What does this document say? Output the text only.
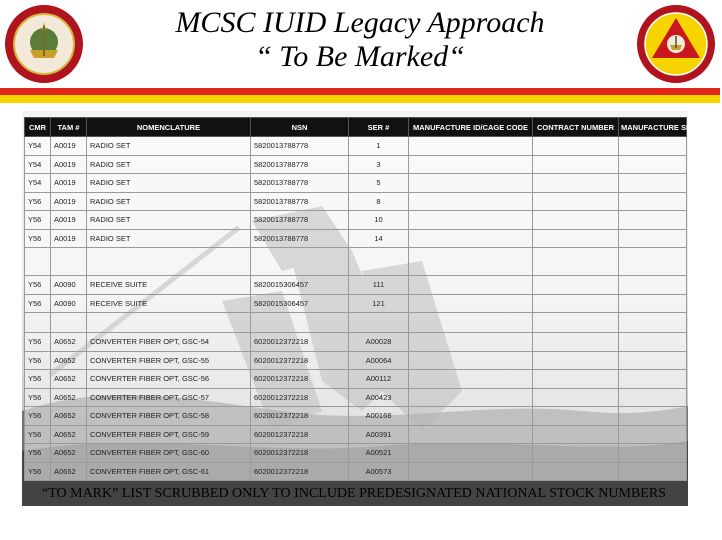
MCSC IUID Legacy Approach
“ To Be Marked“
CMR	TAM #	NOMENCLATURE	NSN	SER #	MANUFACTURE ID/CAGE CODE	CONTRACT NUMBER	MANUFACTURE SER #
Y54	A0019	RADIO SET	5820013788778	1			
Y54	A0019	RADIO SET	5820013788778	3			
Y54	A0019	RADIO SET	5820013788778	5			
Y56	A0019	RADIO SET	5820013788778	8			
Y56	A0019	RADIO SET	5820013788778	10			
Y56	A0019	RADIO SET	5820013788778	14			

Y56	A0090	RECEIVE SUITE	5820015306457	111			
Y56	A0090	RECEIVE SUITE	5820015306457	121			

Y56	A0652	CONVERTER FIBER OPT, GSC-54	6020012372218	A00028			
Y56	A0652	CONVERTER FIBER OPT, GSC-55	6020012372218	A00064			
Y56	A0652	CONVERTER FIBER OPT, GSC-56	6020012372218	A00112			
Y56	A0652	CONVERTER FIBER OPT, GSC-57	6020012372218	A00423			
Y56	A0652	CONVERTER FIBER OPT, GSC-58	6020012372218	A00168			
Y56	A0652	CONVERTER FIBER OPT, GSC-59	6020012372218	A00391			
Y56	A0652	CONVERTER FIBER OPT, GSC-60	6020012372218	A00521			
Y56	A0652	CONVERTER FIBER OPT, GSC-61	6020012372218	A00573			
“TO MARK” LIST SCRUBBED ONLY TO INCLUDE PREDESIGNATED NATIONAL STOCK NUMBERS
